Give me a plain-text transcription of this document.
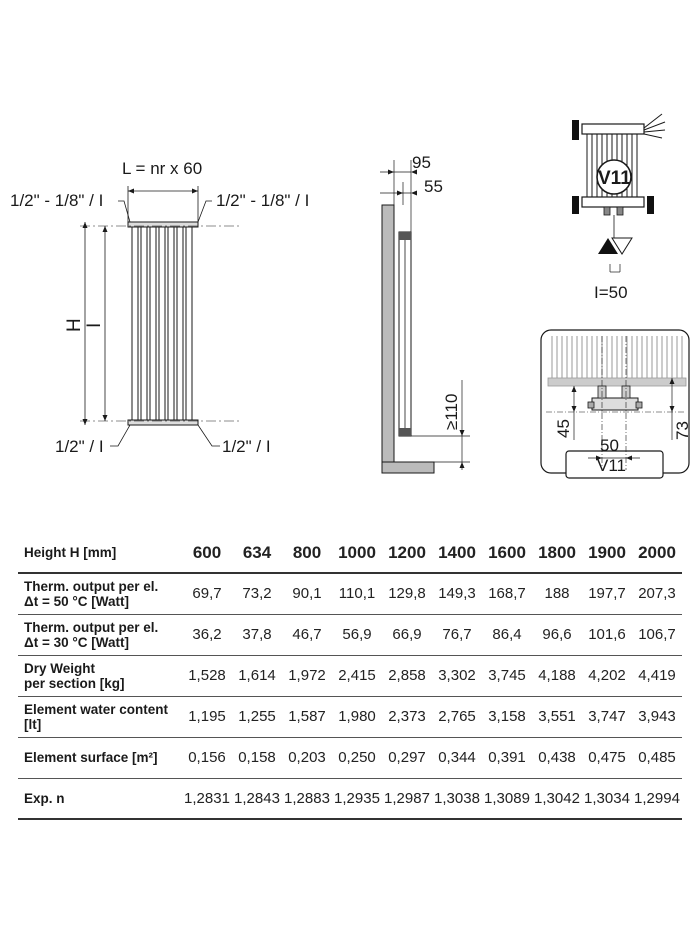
L = nr x 60
1/2" - 1/8" / I	1/2" - 1/8" / I
1/2" / I	1/2" / I
H I
95
55
≥110
V11
I=50
45
50
73
V11
Height H [mm]	600	634	800	1000	1200	1400	1600	1800	1900	2000

Therm. output per el.
Δt = 50 °C [Watt]	69,7	73,2	90,1	110,1	129,8	149,3	168,7	188	197,7	207,3

Therm. output per el.
Δt = 30 °C [Watt]	36,2	37,8	46,7	56,9	66,9	76,7	86,4	96,6	101,6	106,7

Dry Weight
per section [kg]	1,528	1,614	1,972	2,415	2,858	3,302	3,745	4,188	4,202	4,419

Element water content
[lt]	1,195	1,255	1,587	1,980	2,373	2,765	3,158	3,551	3,747	3,943
Element surface [m²]	0,156	0,158	0,203	0,250	0,297	0,344	0,391	0,438	0,475	0,485
Exp. n	1,2831	1,2843	1,2883	1,2935	1,2987	1,3038	1,3089	1,3042	1,3034	1,2994
